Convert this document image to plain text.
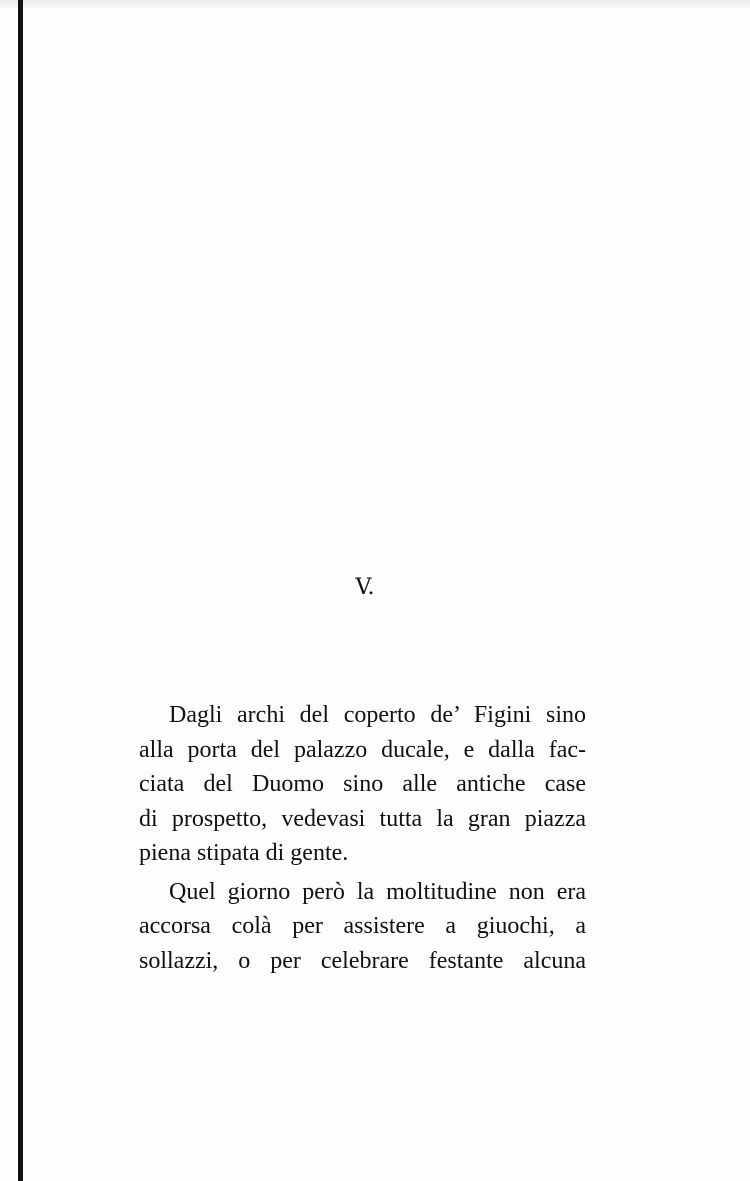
V.
Dagli archi del coperto de’ Figini sino
alla porta del palazzo ducale, e dalla fac-
ciata del Duomo sino alle antiche case
di prospetto, vedevasi tutta la gran piazza
piena stipata di gente.
Quel giorno però la moltitudine non era
accorsa colà per assistere a giuochi, a
sollazzi, o per celebrare festante alcuna
